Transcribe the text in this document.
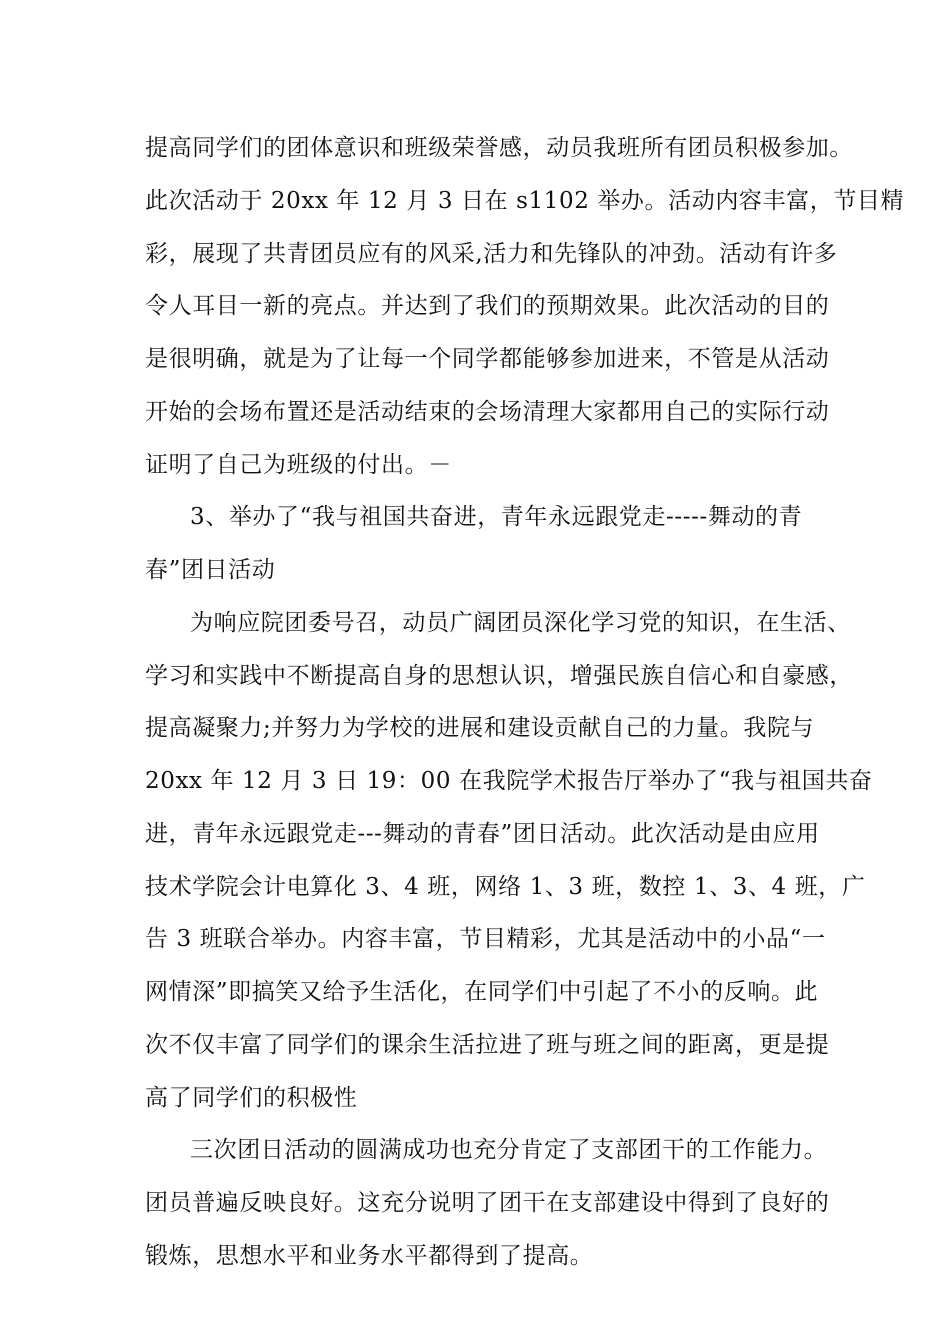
提高同学们的团体意识和班级荣誉感，动员我班所有团员积极参加。
此次活动于 20xx 年 12 月 3 日在 s1102 举办。活动内容丰富，节目精
彩，展现了共青团员应有的风采,活力和先锋队的冲劲。活动有许多
令人耳目一新的亮点。并达到了我们的预期效果。此次活动的目的
是很明确，就是为了让每一个同学都能够参加进来，不管是从活动
开始的会场布置还是活动结束的会场清理大家都用自己的实际行动
证明了自己为班级的付出。－
3、举办了“我与祖国共奋进，青年永远跟党走-----舞动的青
春”团日活动
为响应院团委号召，动员广阔团员深化学习党的知识，在生活、
学习和实践中不断提高自身的思想认识，增强民族自信心和自豪感，
提高凝聚力;并努力为学校的进展和建设贡献自己的力量。我院与
20xx 年 12 月 3 日 19：00 在我院学术报告厅举办了“我与祖国共奋
进，青年永远跟党走---舞动的青春”团日活动。此次活动是由应用
技术学院会计电算化 3、4 班，网络 1、3 班，数控 1、3、4 班，广
告 3 班联合举办。内容丰富，节目精彩，尤其是活动中的小品“一
网情深”即搞笑又给予生活化，在同学们中引起了不小的反响。此
次不仅丰富了同学们的课余生活拉进了班与班之间的距离，更是提
高了同学们的积极性
三次团日活动的圆满成功也充分肯定了支部团干的工作能力。
团员普遍反映良好。这充分说明了团干在支部建设中得到了良好的
锻炼，思想水平和业务水平都得到了提高。
